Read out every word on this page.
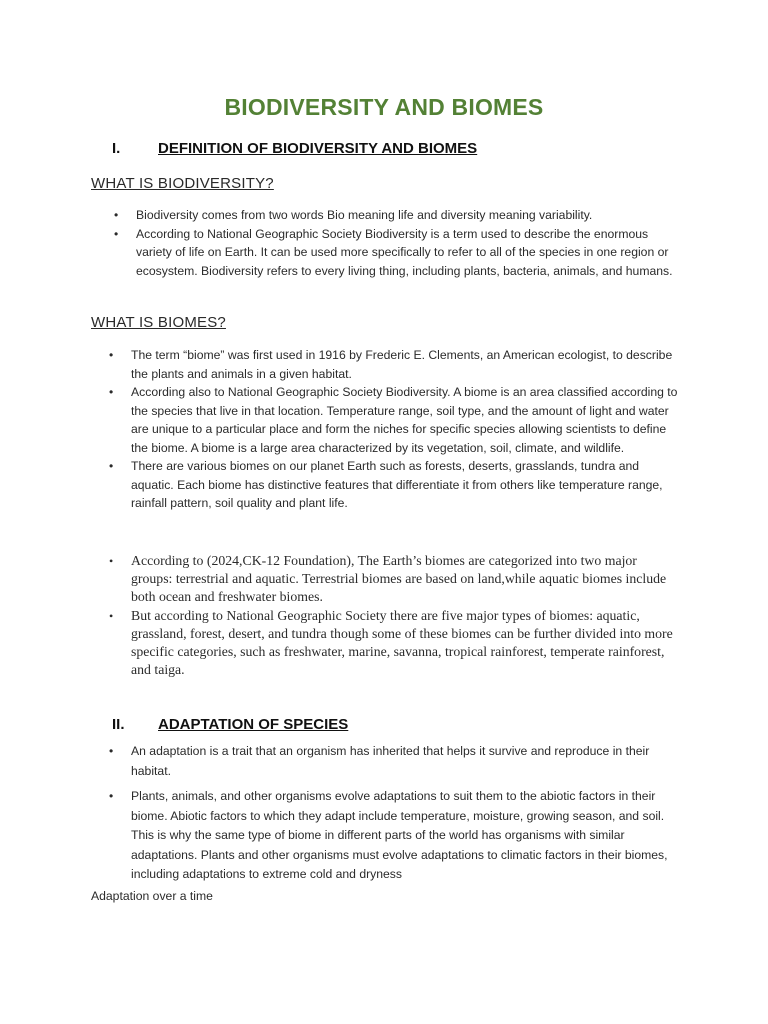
BIODIVERSITY AND BIOMES
I.	DEFINITION OF BIODIVERSITY AND BIOMES
WHAT IS BIODIVERSITY?
• Biodiversity comes from two words Bio meaning life and diversity meaning variability.
• According to National Geographic Society Biodiversity is a term used to describe the enormous variety of life on Earth. It can be used more specifically to refer to all of the species in one region or ecosystem. Biodiversity refers to every living thing, including plants, bacteria, animals, and humans.
WHAT IS BIOMES?
• The term “biome” was first used in 1916 by Frederic E. Clements, an American ecologist, to describe the plants and animals in a given habitat.
• According also to National Geographic Society Biodiversity. A biome is an area classified according to the species that live in that location. Temperature range, soil type, and the amount of light and water are unique to a particular place and form the niches for specific species allowing scientists to define the biome. A biome is a large area characterized by its vegetation, soil, climate, and wildlife.
• There are various biomes on our planet Earth such as forests, deserts, grasslands, tundra and aquatic. Each biome has distinctive features that differentiate it from others like temperature range, rainfall pattern, soil quality and plant life.
• According to (2024,CK-12 Foundation), The Earth’s biomes are categorized into two major groups: terrestrial and aquatic. Terrestrial biomes are based on land,while aquatic biomes include both ocean and freshwater biomes.
• But according to National Geographic Society there are five major types of biomes: aquatic, grassland, forest, desert, and tundra though some of these biomes can be further divided into more specific categories, such as freshwater, marine, savanna, tropical rainforest, temperate rainforest, and taiga.
II. ADAPTATION OF SPECIES
• An adaptation is a trait that an organism has inherited that helps it survive and reproduce in their habitat.
• Plants, animals, and other organisms evolve adaptations to suit them to the abiotic factors in their biome. Abiotic factors to which they adapt include temperature, moisture, growing season, and soil. This is why the same type of biome in different parts of the world has organisms with similar adaptations. Plants and other organisms must evolve adaptations to climatic factors in their biomes, including adaptations to extreme cold and dryness
Adaptation over a time
